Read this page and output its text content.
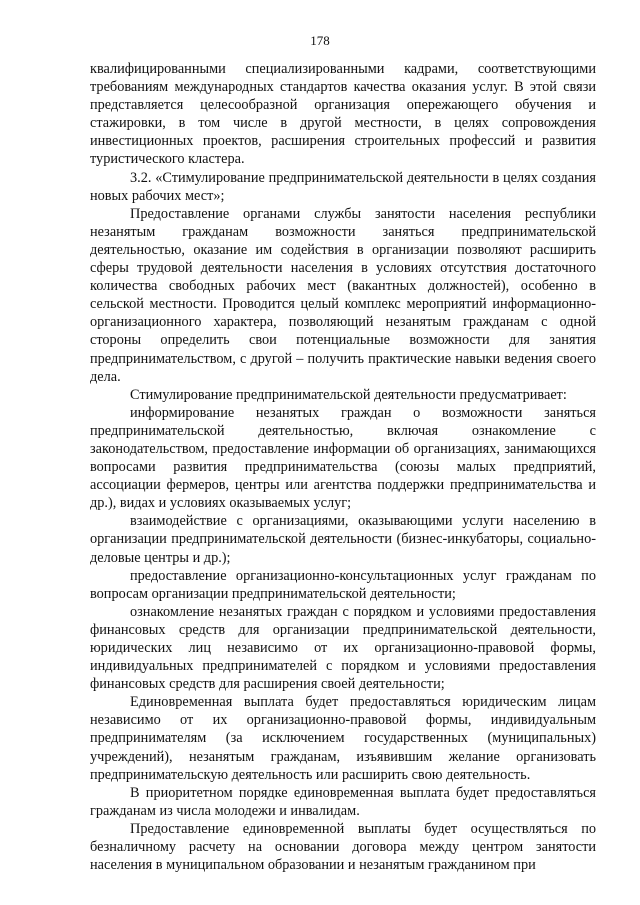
178

квалифицированными специализированными кадрами, соответствующими требованиям международных стандартов качества оказания услуг. В этой связи представляется целесообразной организация опережающего обучения и стажировки, в том числе в другой местности, в целях сопровождения инвестиционных проектов, расширения строительных профессий и развития туристического кластера.

3.2. «Стимулирование предпринимательской деятельности в целях создания новых рабочих мест»;

Предоставление органами службы занятости населения республики незанятым гражданам возможности заняться предпринимательской деятельностью, оказание им содействия в организации позволяют расширить сферы трудовой деятельности населения в условиях отсутствия достаточного количества свободных рабочих мест (вакантных должностей), особенно в сельской местности. Проводится целый комплекс мероприятий информационно-организационного характера, позволяющий незанятым гражданам с одной стороны определить свои потенциальные возможности для занятия предпринимательством, с другой – получить практические навыки ведения своего дела.

Стимулирование предпринимательской деятельности предусматривает:

информирование незанятых граждан о возможности заняться предпринимательской деятельностью, включая ознакомление с законодательством, предоставление информации об организациях, занимающихся вопросами развития предпринимательства (союзы малых предприятий, ассоциации фермеров, центры или агентства поддержки предпринимательства и др.), видах и условиях оказываемых услуг;

взаимодействие с организациями, оказывающими услуги населению в организации предпринимательской деятельности (бизнес-инкубаторы, социально-деловые центры и др.);

предоставление организационно-консультационных услуг гражданам по вопросам организации предпринимательской деятельности;

ознакомление незанятых граждан с порядком и условиями предоставления финансовых средств для организации предпринимательской деятельности, юридических лиц независимо от их организационно-правовой формы, индивидуальных предпринимателей с порядком и условиями предоставления финансовых средств для расширения своей деятельности;

Единовременная выплата будет предоставляться юридическим лицам независимо от их организационно-правовой формы, индивидуальным предпринимателям (за исключением государственных (муниципальных) учреждений), незанятым гражданам, изъявившим желание организовать предпринимательскую деятельность или расширить свою деятельность.

В приоритетном порядке единовременная выплата будет предоставляться гражданам из числа молодежи и инвалидам.

Предоставление единовременной выплаты будет осуществляться по безналичному расчету на основании договора между центром занятости населения в муниципальном образовании и незанятым гражданином при
